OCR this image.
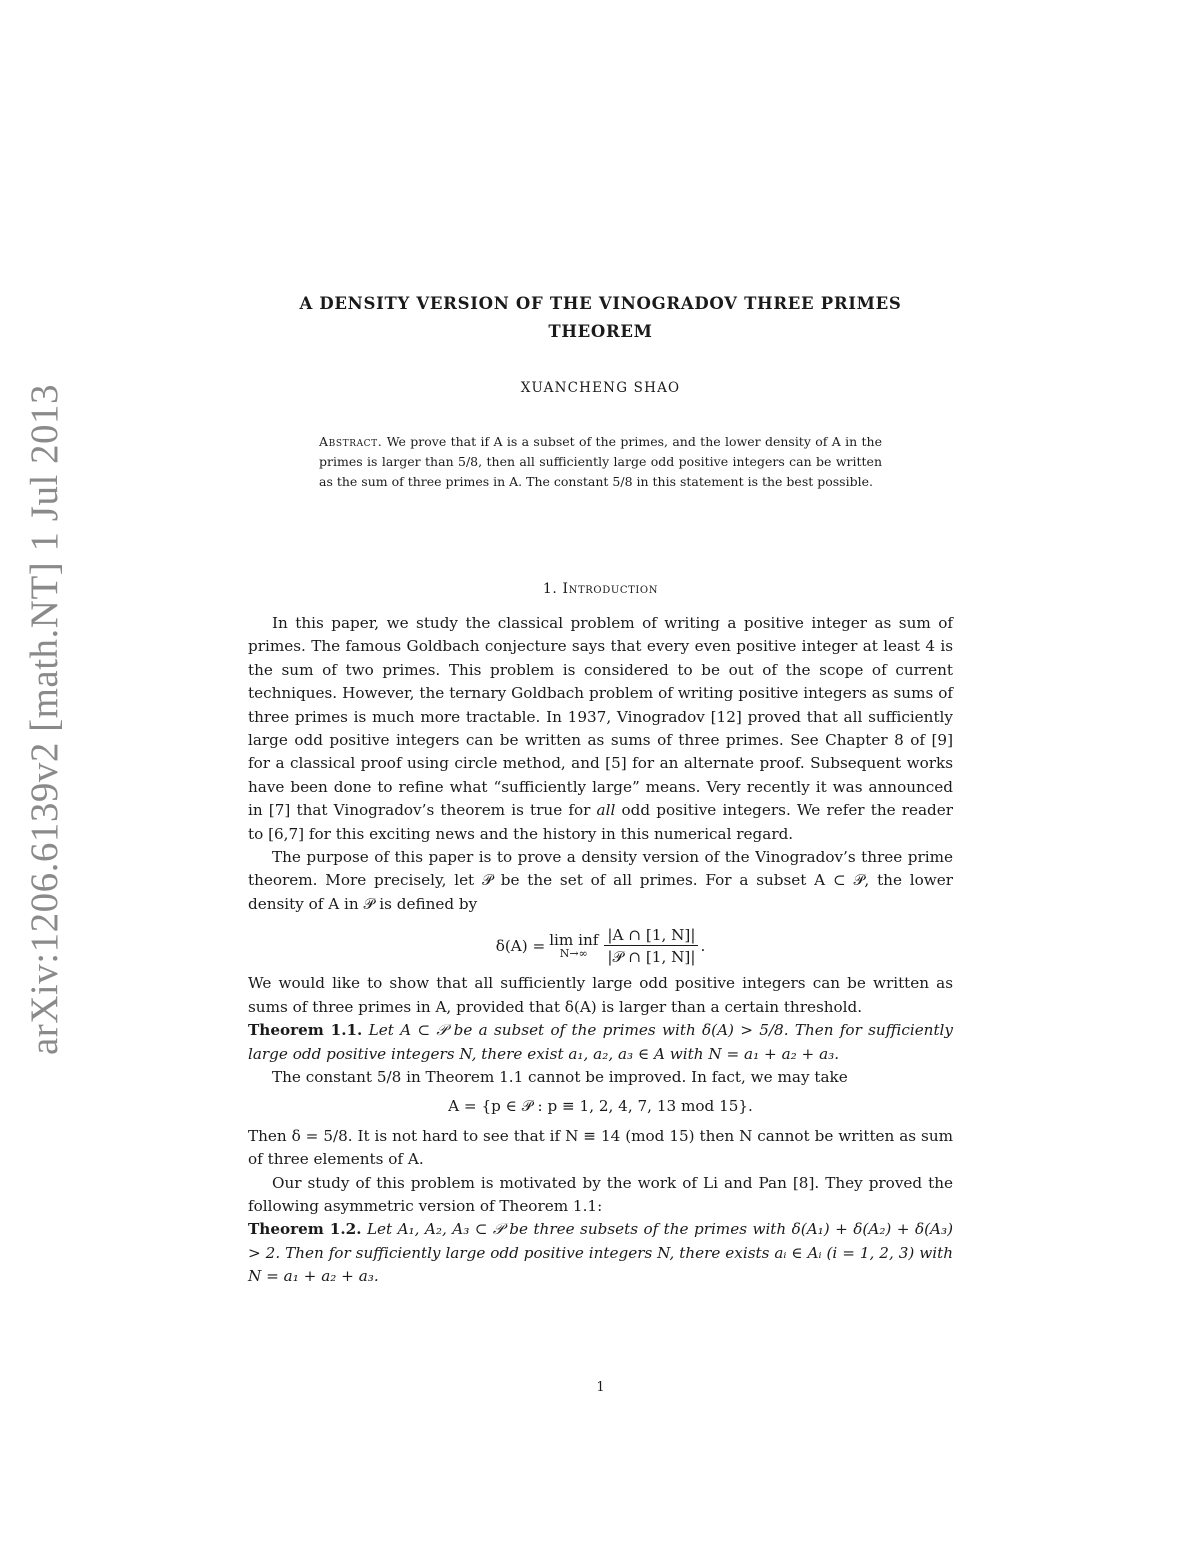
arXiv:1206.6139v2 [math.NT] 1 Jul 2013
A DENSITY VERSION OF THE VINOGRADOV THREE PRIMES
THEOREM
XUANCHENG SHAO
Abstract. We prove that if A is a subset of the primes, and the lower density of A in the primes is larger than 5/8, then all sufficiently large odd positive integers can be written as the sum of three primes in A. The constant 5/8 in this statement is the best possible.
1. Introduction

In this paper, we study the classical problem of writing a positive integer as sum of primes. The famous Goldbach conjecture says that every even positive integer at least 4 is the sum of two primes. This problem is considered to be out of the scope of current techniques. However, the ternary Goldbach problem of writing positive integers as sums of three primes is much more tractable. In 1937, Vinogradov [12] proved that all sufficiently large odd positive integers can be written as sums of three primes. See Chapter 8 of [9] for a classical proof using circle method, and [5] for an alternate proof. Subsequent works have been done to refine what “sufficiently large” means. Very recently it was announced in [7] that Vinogradov’s theorem is true for all odd positive integers. We refer the reader to [6,7] for this exciting news and the history in this numerical regard.

The purpose of this paper is to prove a density version of the Vinogradov’s three prime theorem. More precisely, let 𝒫 be the set of all primes. For a subset A ⊂ 𝒫, the lower density of A in 𝒫 is defined by

δ(A) = lim inf
$N\to\infty \frac{|A \cap [1, N]|}{\text{|𝒫 ∩ [1, N]|}}$ .

We would like to show that all sufficiently large odd positive integers can be written as sums of three primes in A, provided that δ(A) is larger than a certain threshold.

Theorem 1.1. Let A ⊂ 𝒫 be a subset of the primes with δ(A) > 5/8. Then for sufficiently large odd positive integers N, there exist a₁, a₂, a₃ ∈ A with N = a₁ + a₂ + a₃.

The constant 5/8 in Theorem 1.1 cannot be improved. In fact, we may take

A = {p ∈ 𝒫 : p ≡ 1, 2, 4, 7, 13 mod 15}.

Then δ = 5/8. It is not hard to see that if N ≡ 14 (mod 15) then N cannot be written as sum of three elements of A.

Our study of this problem is motivated by the work of Li and Pan [8]. They proved the following asymmetric version of Theorem 1.1:

Theorem 1.2. Let A₁, A₂, A₃ ⊂ 𝒫 be three subsets of the primes with δ(A₁) + δ(A₂) + δ(A₃) > 2. Then for sufficiently large odd positive integers N, there exists aᵢ ∈ Aᵢ (i = 1, 2, 3) with N = a₁ + a₂ + a₃.

1
